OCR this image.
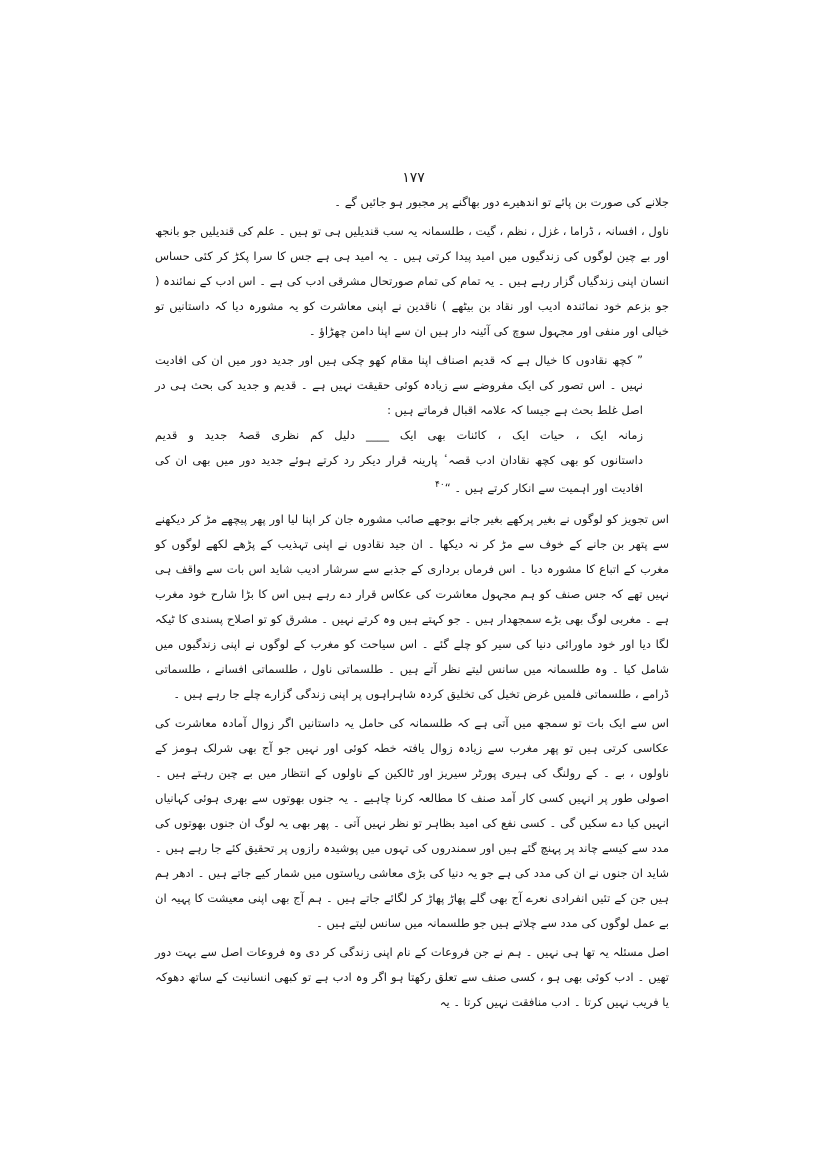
۱۷۷

جلانے کی صورت بن پائے تو اندھیرے دور بھاگنے پر مجبور ہو جائیں گے ۔

ناول ، افسانہ ، ڈراما ، غزل ، نظم ، گیت ، طلسمانہ یہ سب قندیلیں ہی تو ہیں ۔ علم کی قندیلیں جو بانجھ اور بے چین لوگوں کی زندگیوں میں امید پیدا کرتی ہیں ۔ یہ امید ہی ہے جس کا سرا پکڑ کر کئی حساس انسان اپنی زندگیاں گزار رہے ہیں ۔ یہ تمام کی تمام صورتحال مشرقی ادب کی ہے ۔ اس ادب کے نمائندہ ( جو بزعم خود نمائندہ ادیب اور نقاد بن بیٹھے ) ناقدین نے اپنی معاشرت کو یہ مشورہ دیا کہ داستانیں تو خیالی اور منفی اور مجہول سوچ کی آئینہ دار ہیں ان سے اپنا دامن چھڑاؤ ۔

” کچھ نقادوں کا خیال ہے کہ قدیم اصناف اپنا مقام کھو چکی ہیں اور جدید دور میں ان کی افادیت نہیں ۔ اس تصور کی ایک مفروضے سے زیادہ کوئی حقیقت نہیں ہے ۔ قدیم و جدید کی بحث ہی در اصل غلط بحث ہے جیسا کہ علامہ اقبال فرماتے ہیں :

زمانہ ایک ، حیات ایک ، کائنات بھی ایک ____ دلیل کم نظری قصۂ جدید و قدیم

داستانوں کو بھی کچھ نقادان ادب قصہ ٔ پارینہ قرار دیکر رد کرتے ہوئے جدید دور میں بھی ان کی افادیت اور اہمیت سے انکار کرتے ہیں ۔ “$^{۴۰}$

اس تجویز کو لوگوں نے بغیر پرکھے بغیر جانے بوجھے صائب مشورہ جان کر اپنا لیا اور پھر پیچھے مڑ کر دیکھنے سے پتھر بن جانے کے خوف سے مڑ کر نہ دیکھا ۔ ان جید نقادوں نے اپنی تہذیب کے پڑھے لکھے لوگوں کو مغرب کے اتباع کا مشورہ دیا ۔ اس فرماں برداری کے جذبے سے سرشار ادیب شاید اس بات سے واقف ہی نہیں تھے کہ جس صنف کو ہم مجہول معاشرت کی عکاس قرار دے رہے ہیں اس کا بڑا شارح خود مغرب ہے ۔ مغربی لوگ بھی بڑے سمجھدار ہیں ۔ جو کہتے ہیں وہ کرتے نہیں ۔ مشرق کو تو اصلاح پسندی کا ٹیکہ لگا دیا اور خود ماورائی دنیا کی سیر کو چلے گئے ۔ اس سیاحت کو مغرب کے لوگوں نے اپنی زندگیوں میں شامل کیا ۔ وہ طلسمانہ میں سانس لیتے نظر آتے ہیں ۔ طلسماتی ناول ، طلسماتی افسانے ، طلسماتی ڈرامے ، طلسماتی فلمیں غرض تخیل کی تخلیق کردہ شاہراہوں پر اپنی زندگی گزارے چلے جا رہے ہیں ۔

اس سے ایک بات تو سمجھ میں آتی ہے کہ طلسمانہ کی حامل یہ داستانیں اگر زوال آمادہ معاشرت کی عکاسی کرتی ہیں تو پھر مغرب سے زیادہ زوال یافتہ خطہ کوئی اور نہیں جو آج بھی شرلک ہومز کے ناولوں ، بے ۔ کے رولنگ کی ہیری پورٹر سیریز اور ٹالکین کے ناولوں کے انتظار میں بے چین رہتے ہیں ۔ اصولی طور پر انہیں کسی کار آمد صنف کا مطالعہ کرنا چاہیے ۔ یہ جنوں بھوتوں سے بھری ہوئی کہانیاں انہیں کیا دے سکیں گی ۔ کسی نفع کی امید بظاہر تو نظر نہیں آتی ۔ پھر بھی یہ لوگ ان جنوں بھوتوں کی مدد سے کیسے چاند پر پہنچ گئے ہیں اور سمندروں کی تہوں میں پوشیدہ رازوں پر تحقیق کئے جا رہے ہیں ۔ شاید ان جنوں نے ان کی مدد کی ہے جو یہ دنیا کی بڑی معاشی ریاستوں میں شمار کیے جاتے ہیں ۔ ادھر ہم ہیں جن کے تئیں انفرادی نعرے آج بھی گلے پھاڑ پھاڑ کر لگائے جاتے ہیں ۔ ہم آج بھی اپنی معیشت کا پہیہ ان بے عمل لوگوں کی مدد سے چلاتے ہیں جو طلسمانہ میں سانس لیتے ہیں ۔

اصل مسئلہ یہ تھا ہی نہیں ۔ ہم نے جن فروعات کے نام اپنی زندگی کر دی وہ فروعات اصل سے بہت دور تھیں ۔ ادب کوئی بھی ہو ، کسی صنف سے تعلق رکھتا ہو اگر وہ ادب ہے تو کبھی انسانیت کے ساتھ دھوکہ یا فریب نہیں کرتا ۔ ادب منافقت نہیں کرتا ۔ یہ
